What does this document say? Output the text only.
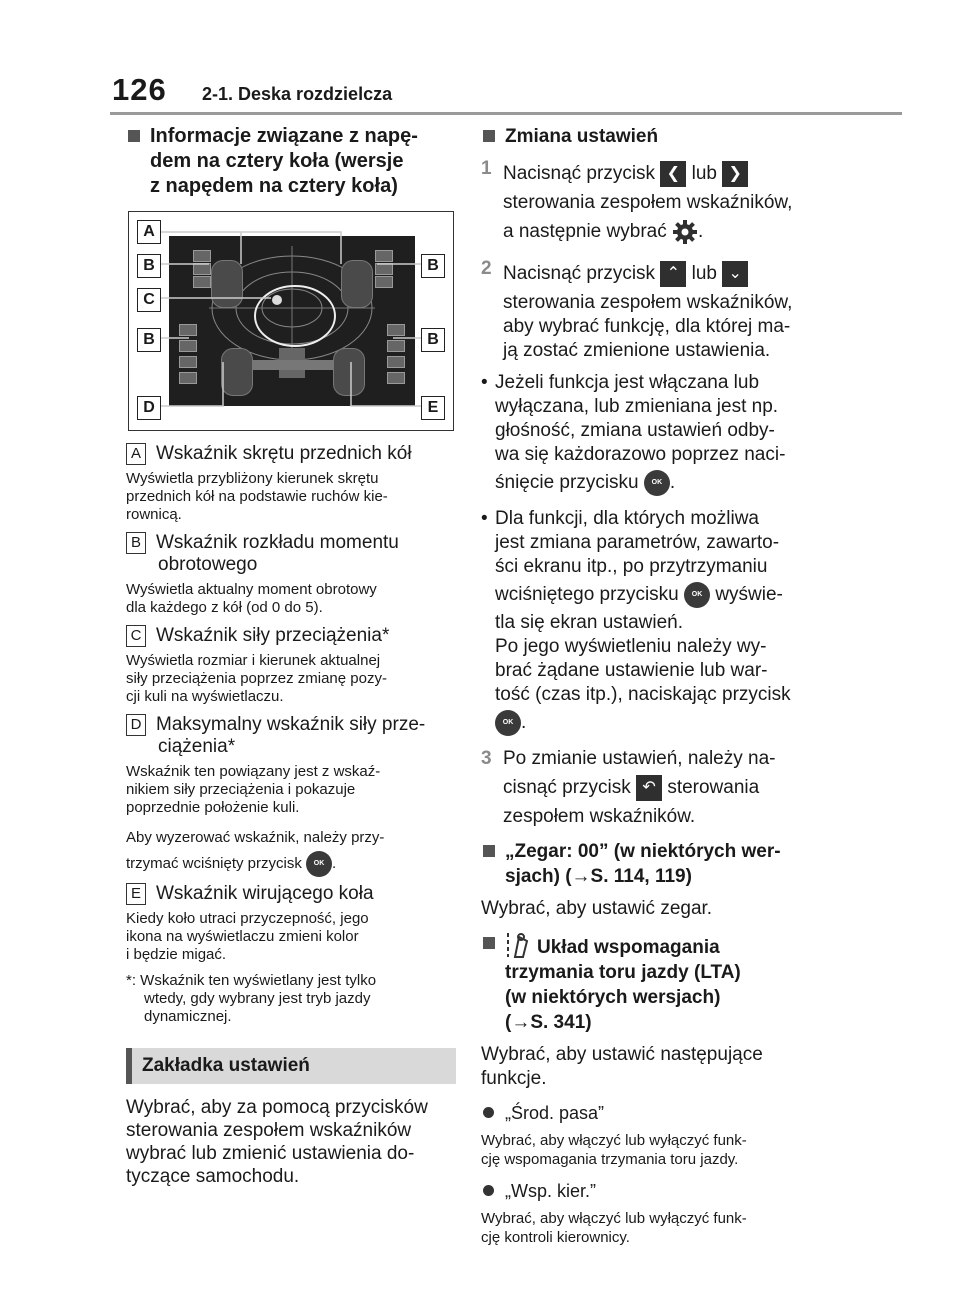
126 2-1. Deska rozdzielcza

Informacje związane z napę-
dem na cztery koła (wersje
z napędem na cztery koła)

A
B
C
B
D
B
B
E

A Wskaźnik skrętu przednich kół

Wyświetla przybliżony kierunek skrętu
przednich kół na podstawie ruchów kie-
rownicą.

B Wskaźnik rozkładu momentu
obrotowego

Wyświetla aktualny moment obrotowy
dla każdego z kół (od 0 do 5).

C Wskaźnik siły przeciążenia*

Wyświetla rozmiar i kierunek aktualnej
siły przeciążenia poprzez zmianę pozy-
cji kuli na wyświetlaczu.

D Maksymalny wskaźnik siły prze-
ciążenia*

Wskaźnik ten powiązany jest z wskaź-
nikiem siły przeciążenia i pokazuje
poprzednie położenie kuli.

Aby wyzerować wskaźnik, należy przy-
trzymać wciśnięty przycisk OK .

E Wskaźnik wirującego koła

Kiedy koło utraci przyczepność, jego
ikona na wyświetlaczu zmieni kolor
i będzie migać.

*: Wskaźnik ten wyświetlany jest tylko
wtedy, gdy wybrany jest tryb jazdy
dynamicznej.

Zakładka ustawień

Wybrać, aby za pomocą przycisków
sterowania zespołem wskaźników
wybrać lub zmienić ustawienia do-
tyczące samochodu.

Zmiana ustawień

1 Nacisnąć przycisk ❮ lub ❯
sterowania zespołem wskaźników,
a następnie wybrać .
2 Nacisnąć przycisk ⌃ lub ⌄
sterowania zespołem wskaźników,
aby wybrać funkcję, dla której ma-
ją zostać zmienione ustawienia.
• Jeżeli funkcja jest włączana lub
wyłączana, lub zmieniana jest np.
głośność, zmiana ustawień odby-
wa się każdorazowo poprzez naci-
śnięcie przycisku OK .
• Dla funkcji, dla których możliwa
jest zmiana parametrów, zawarto-
ści ekranu itp., po przytrzymaniu
wciśniętego przycisku OK wyświe-
tla się ekran ustawień.
Po jego wyświetleniu należy wy-
brać żądane ustawienie lub war-
tość (czas itp.), naciskając przycisk
OK .
3 Po zmianie ustawień, należy na-
cisnąć przycisk ↶ sterowania
zespołem wskaźników.

„Zegar: 00” (w niektórych wer-
sjach) (→S. 114, 119)

Wybrać, aby ustawić zegar.

Układ wspomagania
trzymania toru jazdy (LTA)
(w niektórych wersjach)
(→S. 341)

Wybrać, aby ustawić następujące
funkcje.

„Środ. pasa”

Wybrać, aby włączyć lub wyłączyć funk-
cję wspomagania trzymania toru jazdy.

„Wsp. kier.”

Wybrać, aby włączyć lub wyłączyć funk-
cję kontroli kierownicy.
